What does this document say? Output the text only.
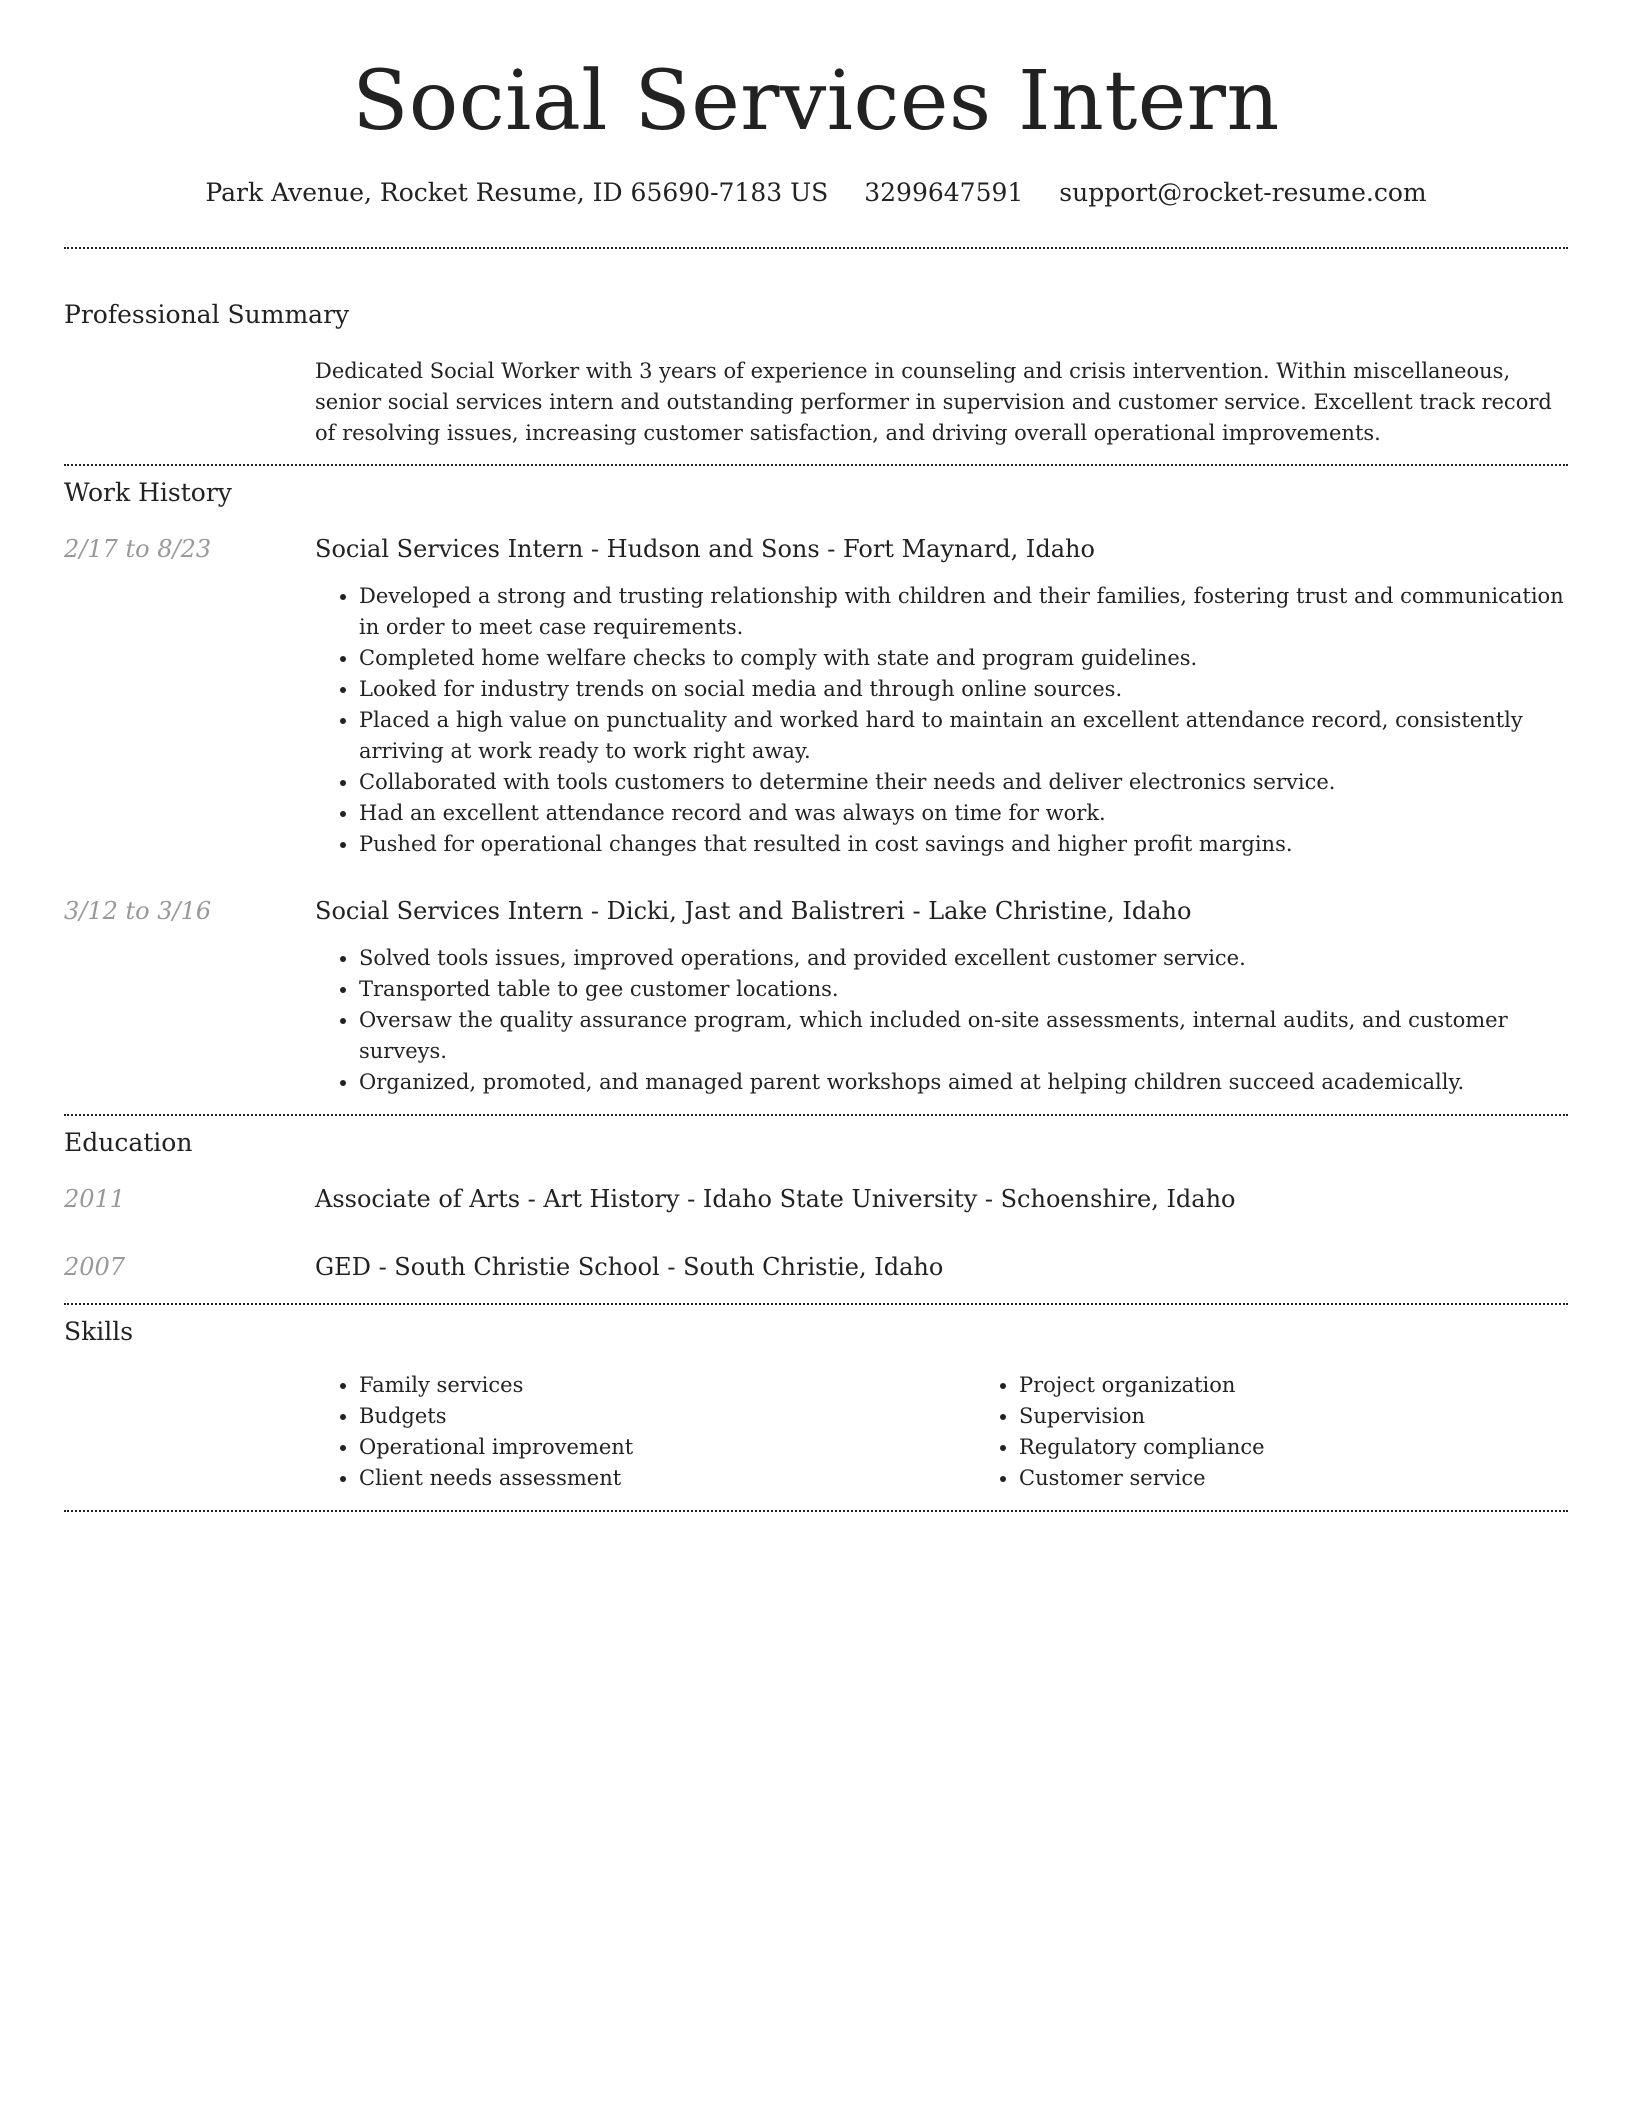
Social Services Intern
Park Avenue, Rocket Resume, ID 65690-7183 US 3299647591 support@rocket-resume.com
Professional Summary
Dedicated Social Worker with 3 years of experience in counseling and crisis intervention. Within miscellaneous, senior social services intern and outstanding performer in supervision and customer service. Excellent track record of resolving issues, increasing customer satisfaction, and driving overall operational improvements.
Work History
2/17 to 8/23	Social Services Intern - Hudson and Sons - Fort Maynard, Idaho
• Developed a strong and trusting relationship with children and their families, fostering trust and communication in order to meet case requirements.
• Completed home welfare checks to comply with state and program guidelines.
• Looked for industry trends on social media and through online sources.
• Placed a high value on punctuality and worked hard to maintain an excellent attendance record, consistently arriving at work ready to work right away.
• Collaborated with tools customers to determine their needs and deliver electronics service.
• Had an excellent attendance record and was always on time for work.
• Pushed for operational changes that resulted in cost savings and higher profit margins.
3/12 to 3/16	Social Services Intern - Dicki, Jast and Balistreri - Lake Christine, Idaho
• Solved tools issues, improved operations, and provided excellent customer service.
• Transported table to gee customer locations.
• Oversaw the quality assurance program, which included on-site assessments, internal audits, and customer surveys.
• Organized, promoted, and managed parent workshops aimed at helping children succeed academically.
Education
2011	Associate of Arts - Art History - Idaho State University - Schoenshire, Idaho
2007	GED - South Christie School - South Christie, Idaho
Skills
• Family services
• Budgets
• Operational improvement
• Client needs assessment
• Project organization
• Supervision
• Regulatory compliance
• Customer service
